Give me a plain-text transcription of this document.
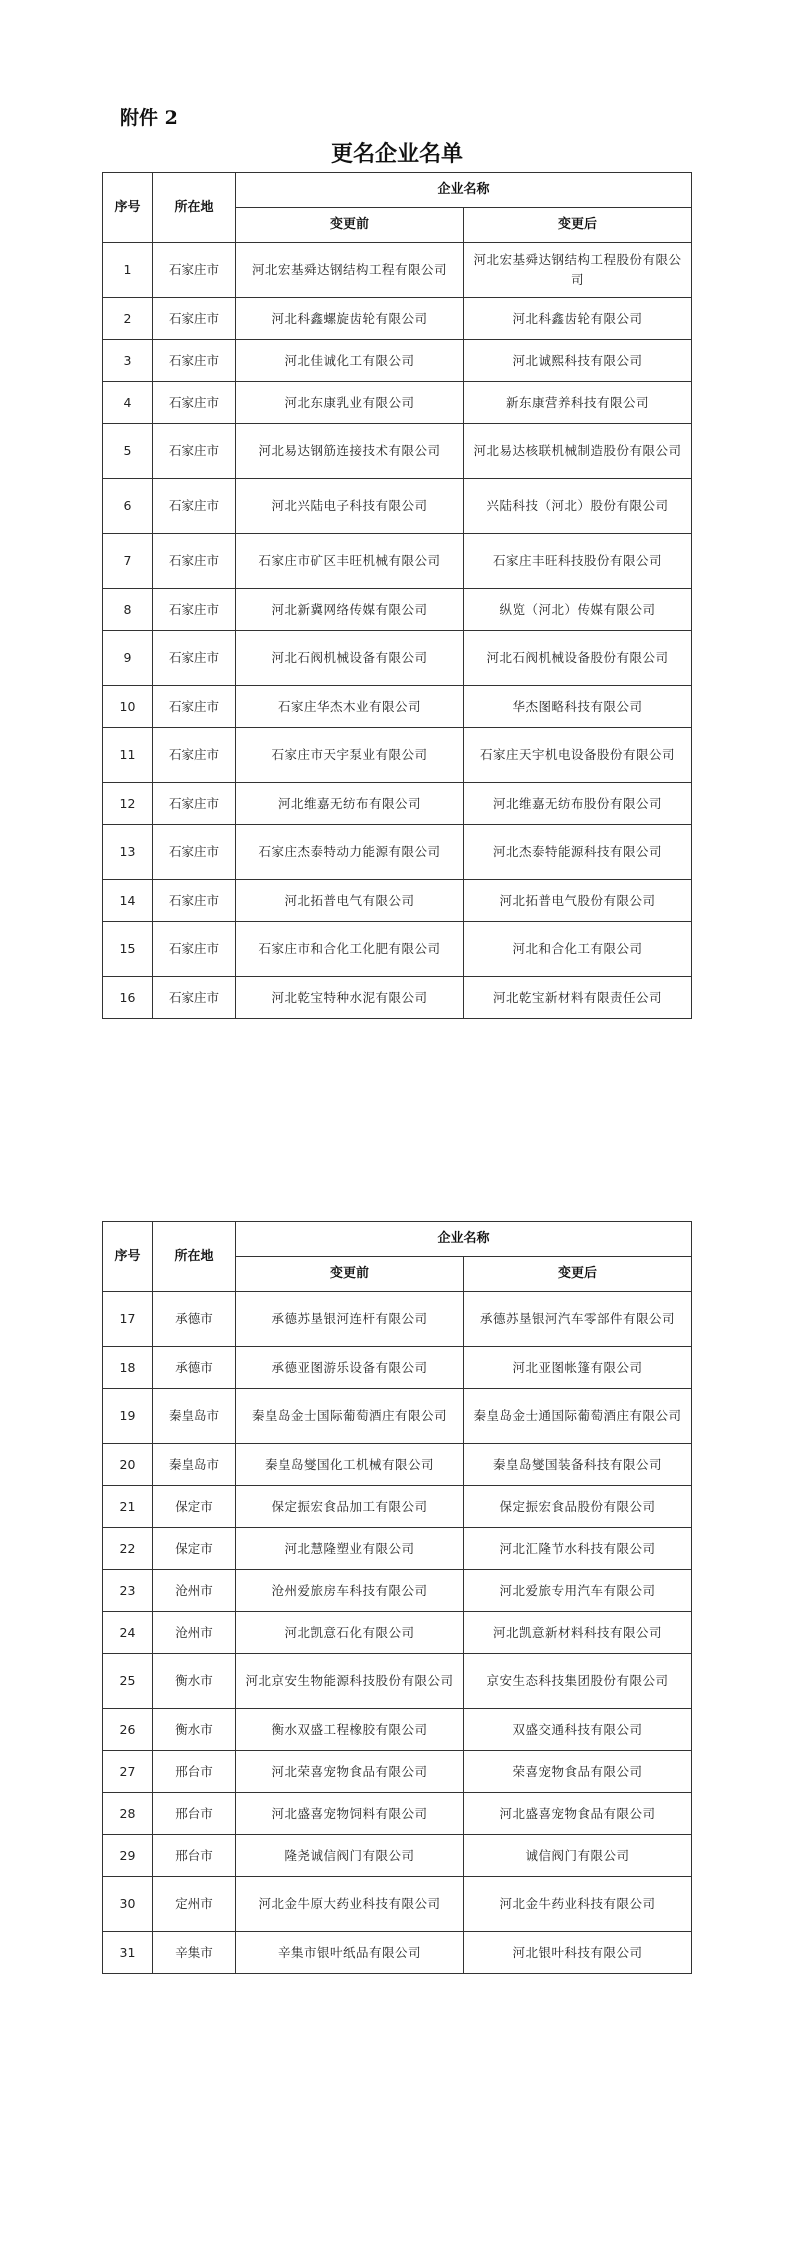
附件 2
更名企业名单
序号	所在地	企业名称	
		变更前	变更后
1	石家庄市	河北宏基舜达钢结构工程有限公司	河北宏基舜达钢结构工程股份有限公司
2	石家庄市	河北科鑫螺旋齿轮有限公司	河北科鑫齿轮有限公司
3	石家庄市	河北佳诚化工有限公司	河北诚熙科技有限公司
4	石家庄市	河北东康乳业有限公司	新东康营养科技有限公司
5	石家庄市	河北易达钢筋连接技术有限公司	河北易达核联机械制造股份有限公司
6	石家庄市	河北兴陆电子科技有限公司	兴陆科技（河北）股份有限公司
7	石家庄市	石家庄市矿区丰旺机械有限公司	石家庄丰旺科技股份有限公司
8	石家庄市	河北新冀网络传媒有限公司	纵览（河北）传媒有限公司
9	石家庄市	河北石阀机械设备有限公司	河北石阀机械设备股份有限公司
10	石家庄市	石家庄华杰木业有限公司	华杰图略科技有限公司
11	石家庄市	石家庄市天宇泵业有限公司	石家庄天宇机电设备股份有限公司
12	石家庄市	河北维嘉无纺布有限公司	河北维嘉无纺布股份有限公司
13	石家庄市	石家庄杰泰特动力能源有限公司	河北杰泰特能源科技有限公司
14	石家庄市	河北拓普电气有限公司	河北拓普电气股份有限公司
15	石家庄市	石家庄市和合化工化肥有限公司	河北和合化工有限公司
16	石家庄市	河北乾宝特种水泥有限公司	河北乾宝新材料有限责任公司
序号	所在地	企业名称	
		变更前	变更后
17	承德市	承德苏垦银河连杆有限公司	承德苏垦银河汽车零部件有限公司
18	承德市	承德亚图游乐设备有限公司	河北亚图帐篷有限公司
19	秦皇岛市	秦皇岛金士国际葡萄酒庄有限公司	秦皇岛金士通国际葡萄酒庄有限公司
20	秦皇岛市	秦皇岛燮国化工机械有限公司	秦皇岛燮国装备科技有限公司
21	保定市	保定振宏食品加工有限公司	保定振宏食品股份有限公司
22	保定市	河北慧隆塑业有限公司	河北汇隆节水科技有限公司
23	沧州市	沧州爱旅房车科技有限公司	河北爱旅专用汽车有限公司
24	沧州市	河北凯意石化有限公司	河北凯意新材料科技有限公司
25	衡水市	河北京安生物能源科技股份有限公司	京安生态科技集团股份有限公司
26	衡水市	衡水双盛工程橡胶有限公司	双盛交通科技有限公司
27	邢台市	河北荣喜宠物食品有限公司	荣喜宠物食品有限公司
28	邢台市	河北盛喜宠物饲料有限公司	河北盛喜宠物食品有限公司
29	邢台市	隆尧诚信阀门有限公司	诚信阀门有限公司
30	定州市	河北金牛原大药业科技有限公司	河北金牛药业科技有限公司
31	辛集市	辛集市银叶纸品有限公司	河北银叶科技有限公司
